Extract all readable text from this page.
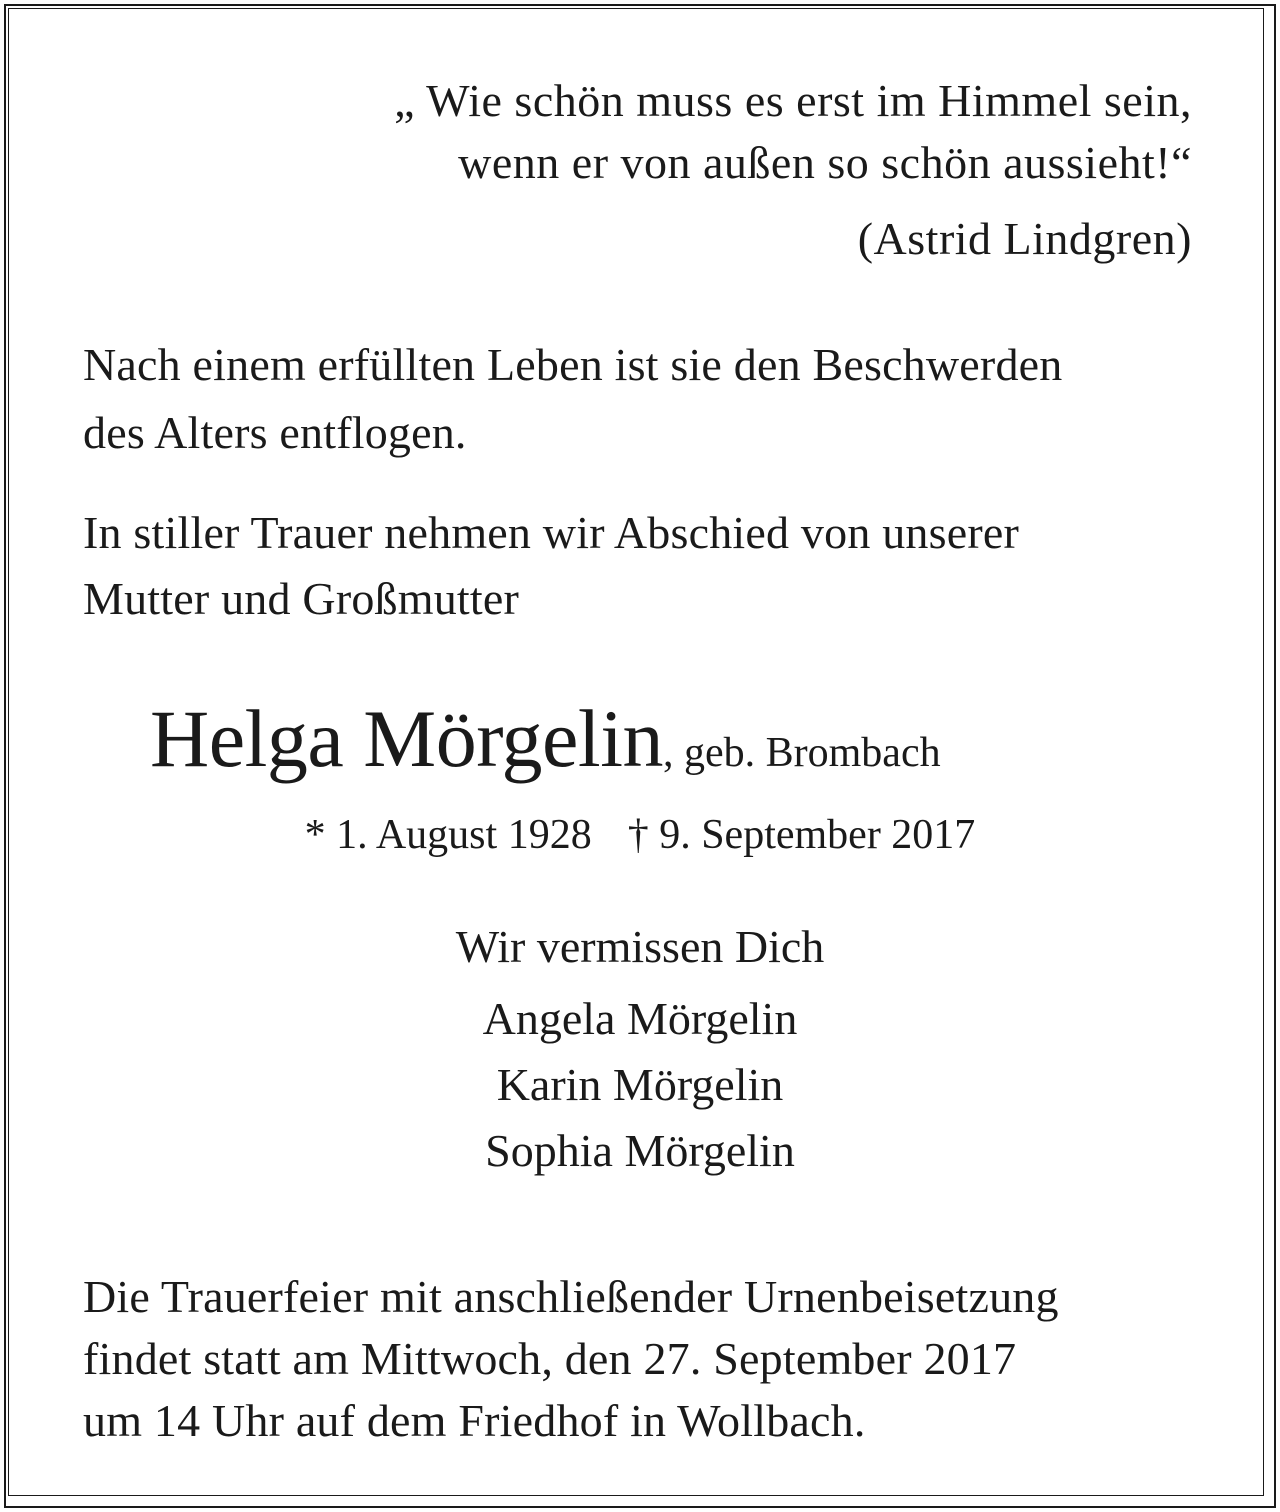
„ Wie schön muss es erst im Himmel sein,
wenn er von außen so schön aussieht!“
(Astrid Lindgren)
Nach einem erfüllten Leben ist sie den Beschwerden
des Alters entflogen.
In stiller Trauer nehmen wir Abschied von unserer
Mutter und Großmutter
Helga Mörgelin, geb. Brombach
* 1. August 1928 † 9. September 2017
Wir vermissen Dich
Angela Mörgelin
Karin Mörgelin
Sophia Mörgelin
Die Trauerfeier mit anschließender Urnenbeisetzung
findet statt am Mittwoch, den 27. September 2017
um 14 Uhr auf dem Friedhof in Wollbach.
